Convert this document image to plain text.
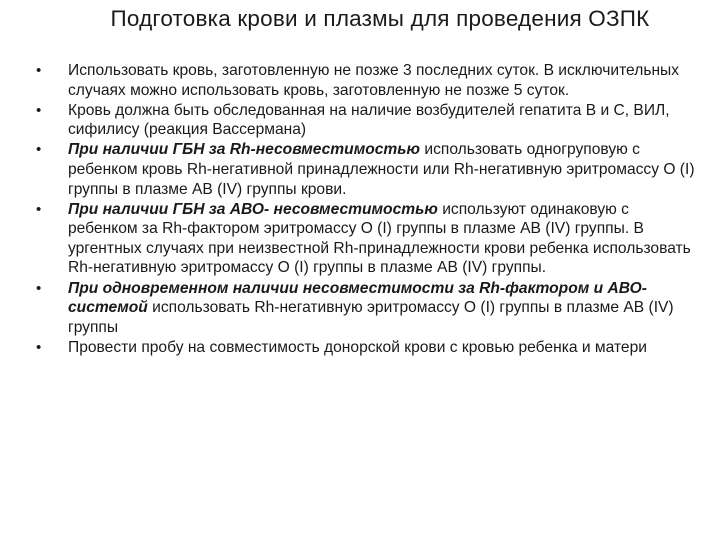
Подготовка крови и плазмы для проведения ОЗПК
• Использовать кровь, заготовленную не позже 3 последних суток. В исключительных случаях можно использовать кровь, заготовленную не позже 5 суток.
• Кровь должна быть обследованная на наличие возбудителей гепатита В и С, ВИЛ, сифилису (реакция Вассермана)
• При наличии ГБН за Rh-несовместимостью использовать одногруповую с ребенком кровь Rh-негативной принадлежности или Rh-негативную эритромассу О (І) группы в плазме АВ (IV) группы крови.
• При наличии ГБН за АВО- несовместимостью используют одинаковую с ребенком за Rh-фактором эритромассу О (I) группы в плазме АВ (IV) группы. В ургентных случаях при неизвестной Rh-принадлежности крови ребенка использовать Rh-негативную эритромассу О (I) группы в плазме АВ (IV) группы.
• При одновременном наличии несовместимости за Rh-фактором и АВО-системой использовать Rh-негативную эритромассу О (I) группы в плазме АВ (IV) группы
• Провести пробу на совместимость донорской крови с кровью ребенка и матери
